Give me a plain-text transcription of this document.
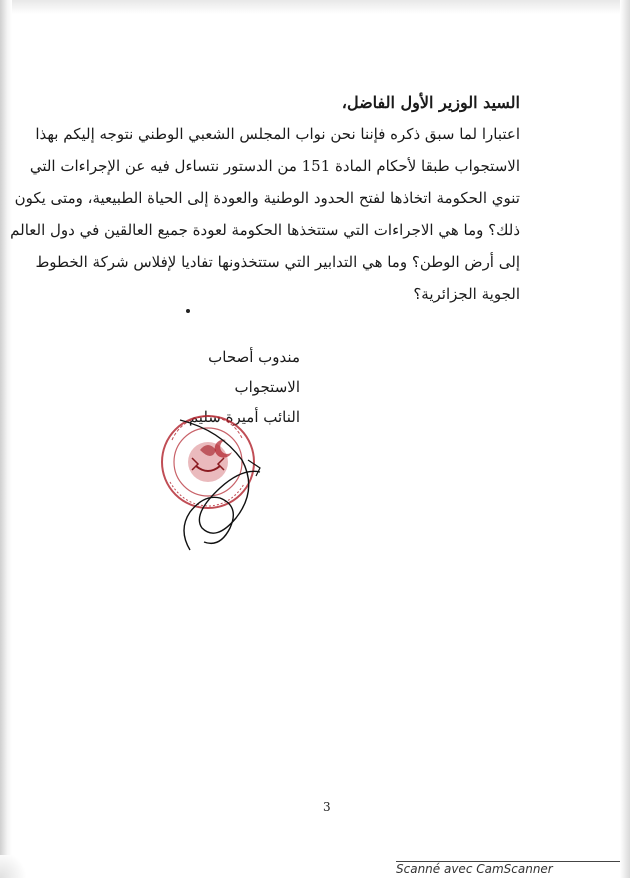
السيد الوزير الأول الفاضل،
اعتبارا لما سبق ذكره فإننا نحن نواب المجلس الشعبي الوطني نتوجه إليكم بهذا
الاستجواب طبقا لأحكام المادة 151 من الدستور نتساءل فيه عن الإجراءات التي
تنوي الحكومة اتخاذها لفتح الحدود الوطنية والعودة إلى الحياة الطبيعية، ومتى يكون
ذلك؟ وما هي الاجراءات التي ستتخذها الحكومة لعودة جميع العالقين في دول العالم
إلى أرض الوطن؟ وما هي التدابير التي ستتخذونها تفاديا لإفلاس شركة الخطوط
الجوية الجزائرية؟
مندوب أصحاب الاستجواب
النائب أميرة سليم
3
Scanné avec CamScanner
